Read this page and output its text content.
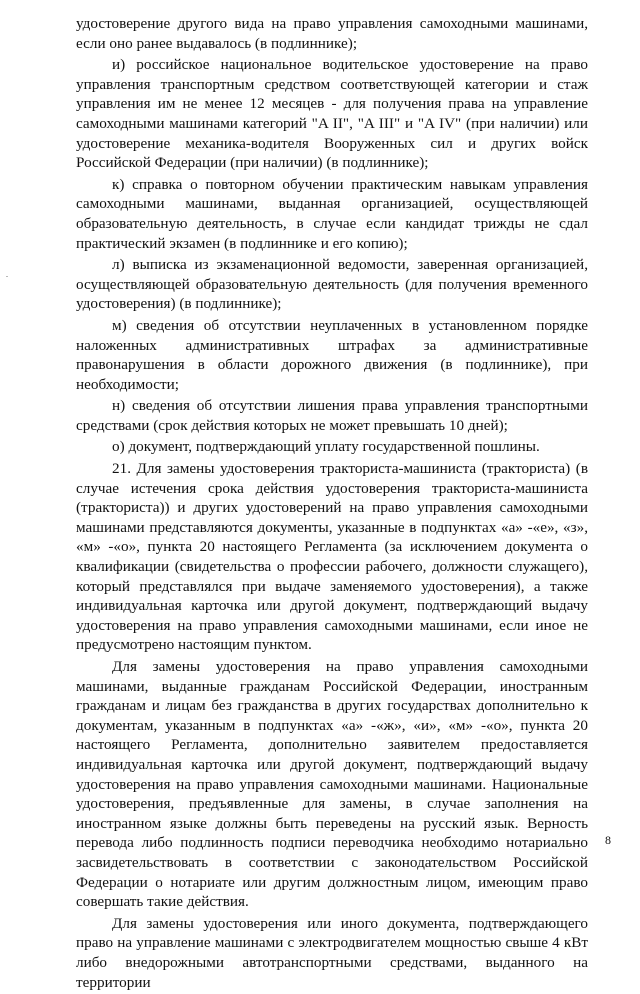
удостоверение другого вида на право управления самоходными машинами, если оно ранее выдавалось (в подлиннике);

и) российское национальное водительское удостоверение на право управления транспортным средством соответствующей категории и стаж управления им не менее 12 месяцев - для получения права на управление самоходными машинами категорий "A II", "A III" и "A IV" (при наличии) или удостоверение механика-водителя Вооруженных сил и других войск Российской Федерации (при наличии) (в подлиннике);

к) справка о повторном обучении практическим навыкам управления самоходными машинами, выданная организацией, осуществляющей образовательную деятельность, в случае если кандидат трижды не сдал практический экзамен (в подлиннике и его копию);

л) выписка из экзаменационной ведомости, заверенная организацией, осуществляющей образовательную деятельность (для получения временного удостоверения) (в подлиннике);

м) сведения об отсутствии неуплаченных в установленном порядке наложенных административных штрафах за административные правонарушения в области дорожного движения (в подлиннике), при необходимости;

н) сведения об отсутствии лишения права управления транспортными средствами (срок действия которых не может превышать 10 дней);

о) документ, подтверждающий уплату государственной пошлины.

21. Для замены удостоверения тракториста-машиниста (тракториста) (в случае истечения срока действия удостоверения тракториста-машиниста (тракториста)) и других удостоверений на право управления самоходными машинами представляются документы, указанные в подпунктах «а» -«е», «з», «м» -«о», пункта 20 настоящего Регламента (за исключением документа о квалификации (свидетельства о профессии рабочего, должности служащего), который представлялся при выдаче заменяемого удостоверения), а также индивидуальная карточка или другой документ, подтверждающий выдачу удостоверения на право управления самоходными машинами, если иное не предусмотрено настоящим пунктом.

Для замены удостоверения на право управления самоходными машинами, выданные гражданам Российской Федерации, иностранным гражданам и лицам без гражданства в других государствах дополнительно к документам, указанным в подпунктах «а» -«ж», «и», «м» -«о», пункта 20 настоящего Регламента, дополнительно заявителем предоставляется индивидуальная карточка или другой документ, подтверждающий выдачу удостоверения на право управления самоходными машинами. Национальные удостоверения, предъявленные для замены, в случае заполнения на иностранном языке должны быть переведены на русский язык. Верность перевода либо подлинность подписи переводчика необходимо нотариально засвидетельствовать в соответствии с законодательством Российской Федерации о нотариате или другим должностным лицом, имеющим право совершать такие действия.

Для замены удостоверения или иного документа, подтверждающего право на управление машинами с электродвигателем мощностью свыше 4 кВт либо внедорожными автотранспортными средствами, выданного на территории

8
